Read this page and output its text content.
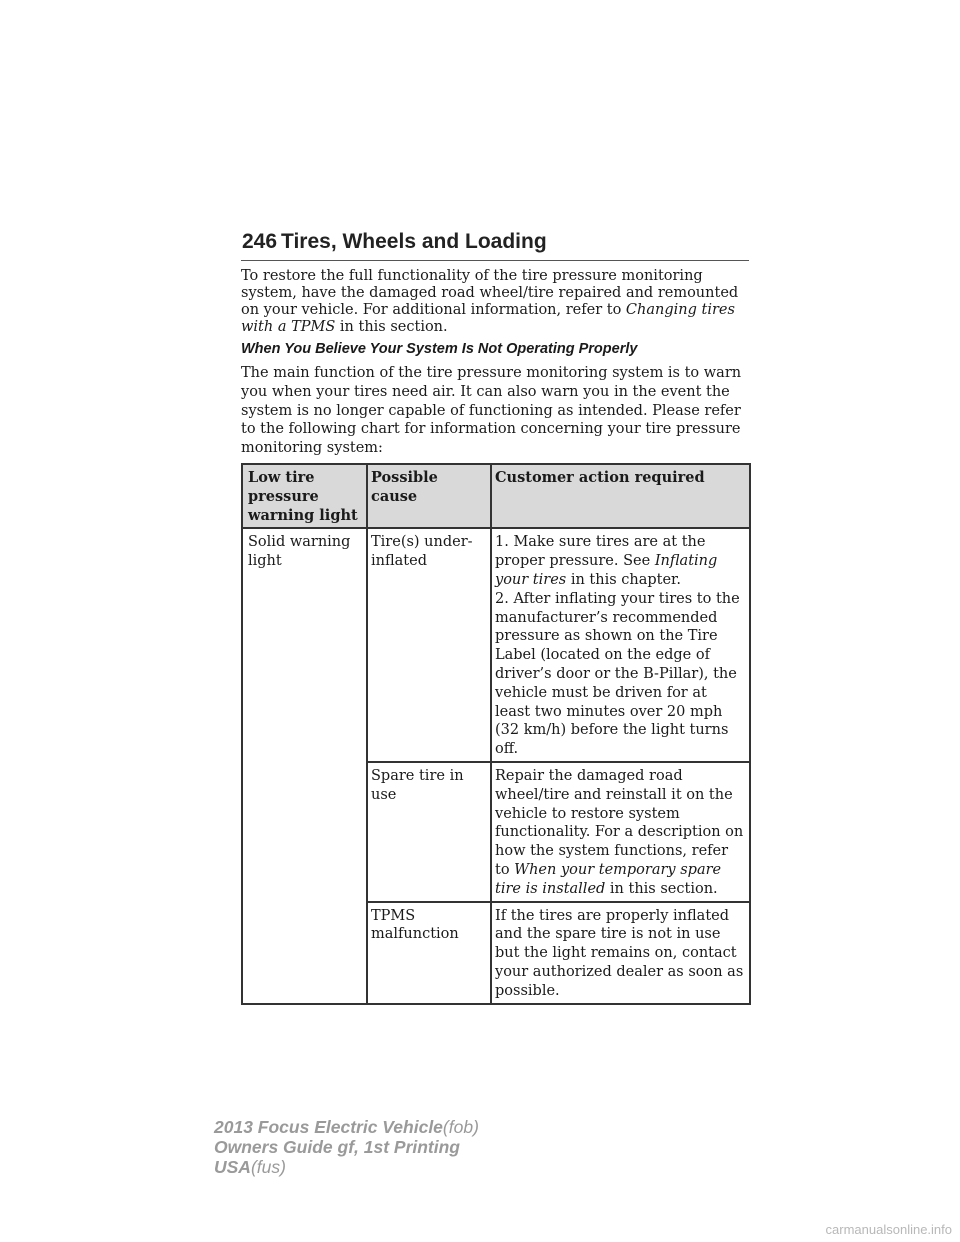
246 Tires, Wheels and Loading

To restore the full functionality of the tire pressure monitoring system, have the damaged road wheel/tire repaired and remounted on your vehicle. For additional information, refer to Changing tires with a TPMS in this section.

When You Believe Your System Is Not Operating Properly

The main function of the tire pressure monitoring system is to warn you when your tires need air. It can also warn you in the event the system is no longer capable of functioning as intended. Please refer to the following chart for information concerning your tire pressure monitoring system:

Low tire pressure warning light	Possible cause	Customer action required
Solid warning light	Tire(s) under-inflated	1. Make sure tires are at the proper pressure. See Inflating your tires in this chapter.
2. After inflating your tires to the manufacturer’s recommended pressure as shown on the Tire Label (located on the edge of driver’s door or the B-Pillar), the vehicle must be driven for at least two minutes over 20 mph (32 km/h) before the light turns off.

	Spare tire in use	Repair the damaged road wheel/tire and reinstall it on the vehicle to restore system functionality. For a description on how the system functions, refer to When your temporary spare tire is installed in this section.
	TPMS malfunction	If the tires are properly inflated and the spare tire is not in use but the light remains on, contact your authorized dealer as soon as possible.
2013 Focus Electric Vehicle(fob)
Owners Guide gf, 1st Printing
USA(fus)
carmanualsonline.info
